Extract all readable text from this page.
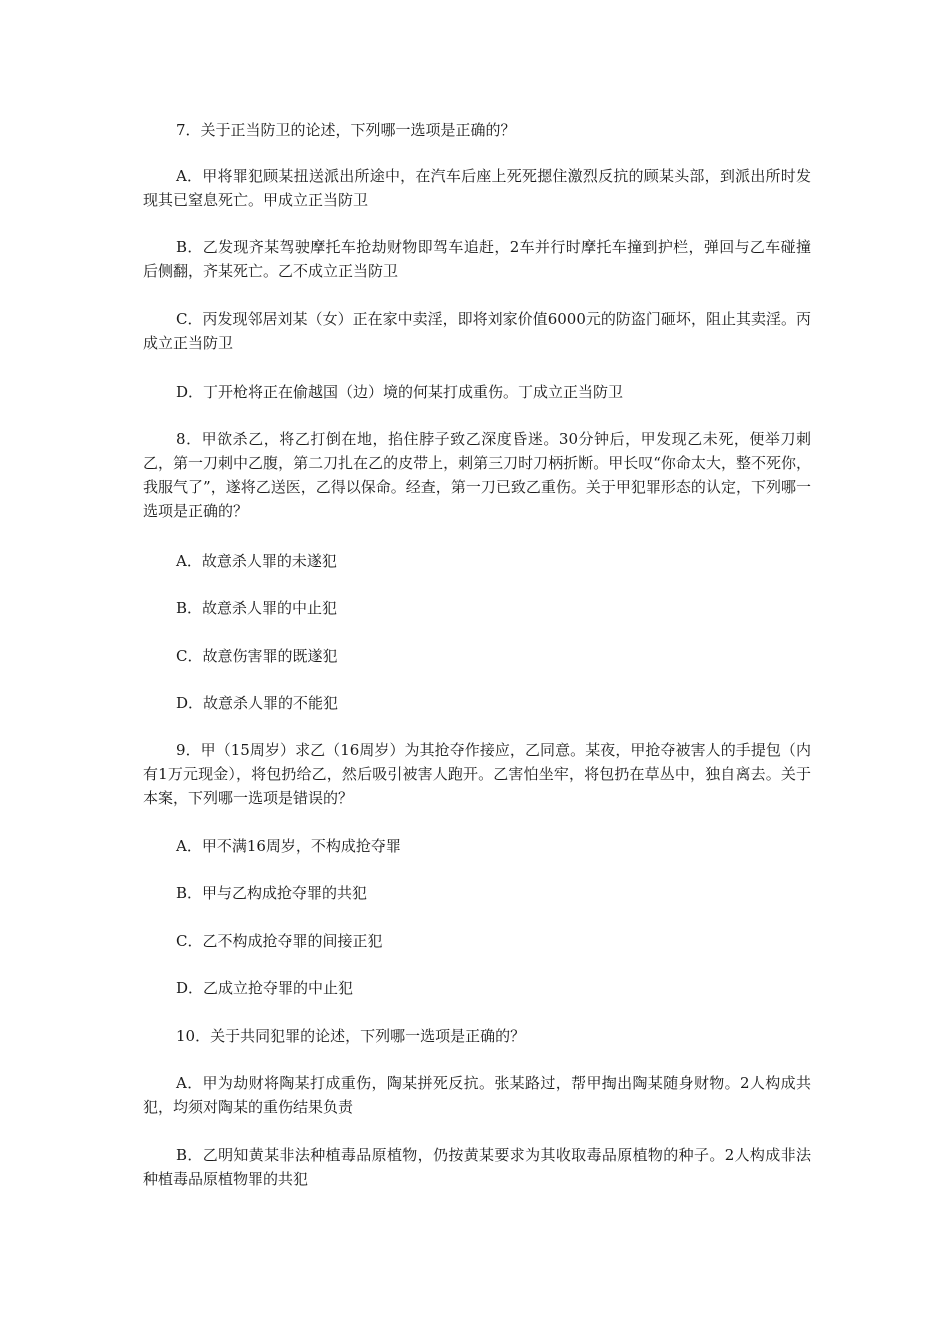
7．关于正当防卫的论述，下列哪一选项是正确的？

A．甲将罪犯顾某扭送派出所途中，在汽车后座上死死摁住激烈反抗的顾某头部，到派出所时发现其已窒息死亡。甲成立正当防卫

B．乙发现齐某驾驶摩托车抢劫财物即驾车追赶，2车并行时摩托车撞到护栏，弹回与乙车碰撞后侧翻，齐某死亡。乙不成立正当防卫

C．丙发现邻居刘某（女）正在家中卖淫，即将刘家价值6000元的防盗门砸坏，阻止其卖淫。丙成立正当防卫

D．丁开枪将正在偷越国（边）境的何某打成重伤。丁成立正当防卫

8．甲欲杀乙，将乙打倒在地，掐住脖子致乙深度昏迷。30分钟后，甲发现乙未死，便举刀刺乙，第一刀刺中乙腹，第二刀扎在乙的皮带上，刺第三刀时刀柄折断。甲长叹“你命太大，整不死你，我服气了”，遂将乙送医，乙得以保命。经查，第一刀已致乙重伤。关于甲犯罪形态的认定，下列哪一选项是正确的？

A．故意杀人罪的未遂犯

B．故意杀人罪的中止犯

C．故意伤害罪的既遂犯

D．故意杀人罪的不能犯

9．甲（15周岁）求乙（16周岁）为其抢夺作接应，乙同意。某夜，甲抢夺被害人的手提包（内有1万元现金），将包扔给乙，然后吸引被害人跑开。乙害怕坐牢，将包扔在草丛中，独自离去。关于本案，下列哪一选项是错误的？

A．甲不满16周岁，不构成抢夺罪

B．甲与乙构成抢夺罪的共犯

C．乙不构成抢夺罪的间接正犯

D．乙成立抢夺罪的中止犯

10．关于共同犯罪的论述，下列哪一选项是正确的？

A．甲为劫财将陶某打成重伤，陶某拼死反抗。张某路过，帮甲掏出陶某随身财物。2人构成共犯，均须对陶某的重伤结果负责

B．乙明知黄某非法种植毒品原植物，仍按黄某要求为其收取毒品原植物的种子。2人构成非法种植毒品原植物罪的共犯
